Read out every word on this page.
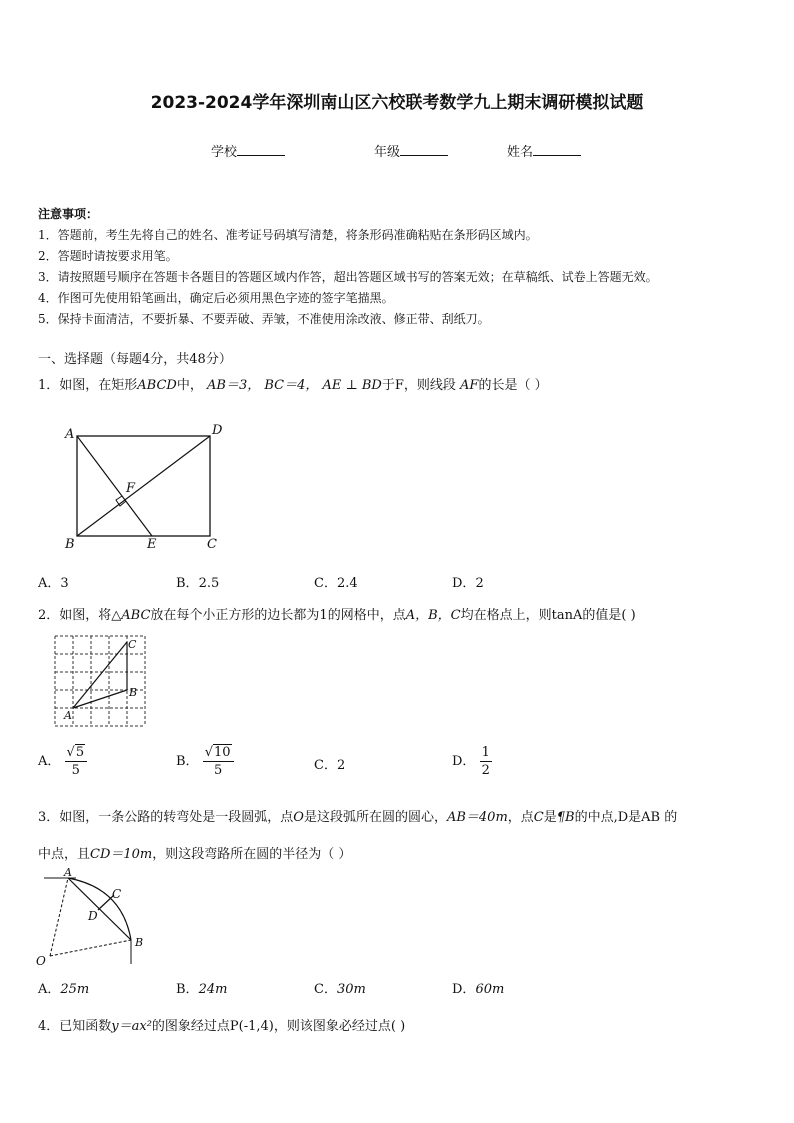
2023-2024学年深圳南山区六校联考数学九上期末调研模拟试题
学校	年级	姓名
注意事项：
1．答题前，考生先将自己的姓名、准考证号码填写清楚，将条形码准确粘贴在条形码区域内。
2．答题时请按要求用笔。
3．请按照题号顺序在答题卡各题目的答题区域内作答，超出答题区域书写的答案无效；在草稿纸、试卷上答题无效。
4．作图可先使用铅笔画出，确定后必须用黑色字迹的签字笔描黑。
5．保持卡面清洁，不要折暴、不要弄破、弄皱，不准使用涂改液、修正带、刮纸刀。
一、选择题（每题4分，共48分）
1．如图，在矩形ABCD中， AB＝3， BC＝4， AE ⊥ BD于F，则线段 AF的长是（ ）
A	D
B	E	C
F
A．3	B．2.5	C．2.4	D．2
2．如图，将△ABC放在每个小正方形的边长都为1的网格中，点A，B，C均在格点上，则tanA的值是( )
A
B
C
A． $\frac{√5}{5}$	B． $\frac{√10}{5}$	C．2	D． $\frac{1}{2}$
3．如图，一条公路的转弯处是一段圆弧，点O是这段弧所在圆的圆心，AB＝40m，点C是¶B的中点,D是AB 的
中点，且CD＝10m，则这段弯路所在圆的半径为（ ）
A
C
D
B
O
A．25m	B．24m	C．30m	D．60m
4．已知函数y＝ax²的图象经过点P(-1,4)，则该图象必经过点( )
